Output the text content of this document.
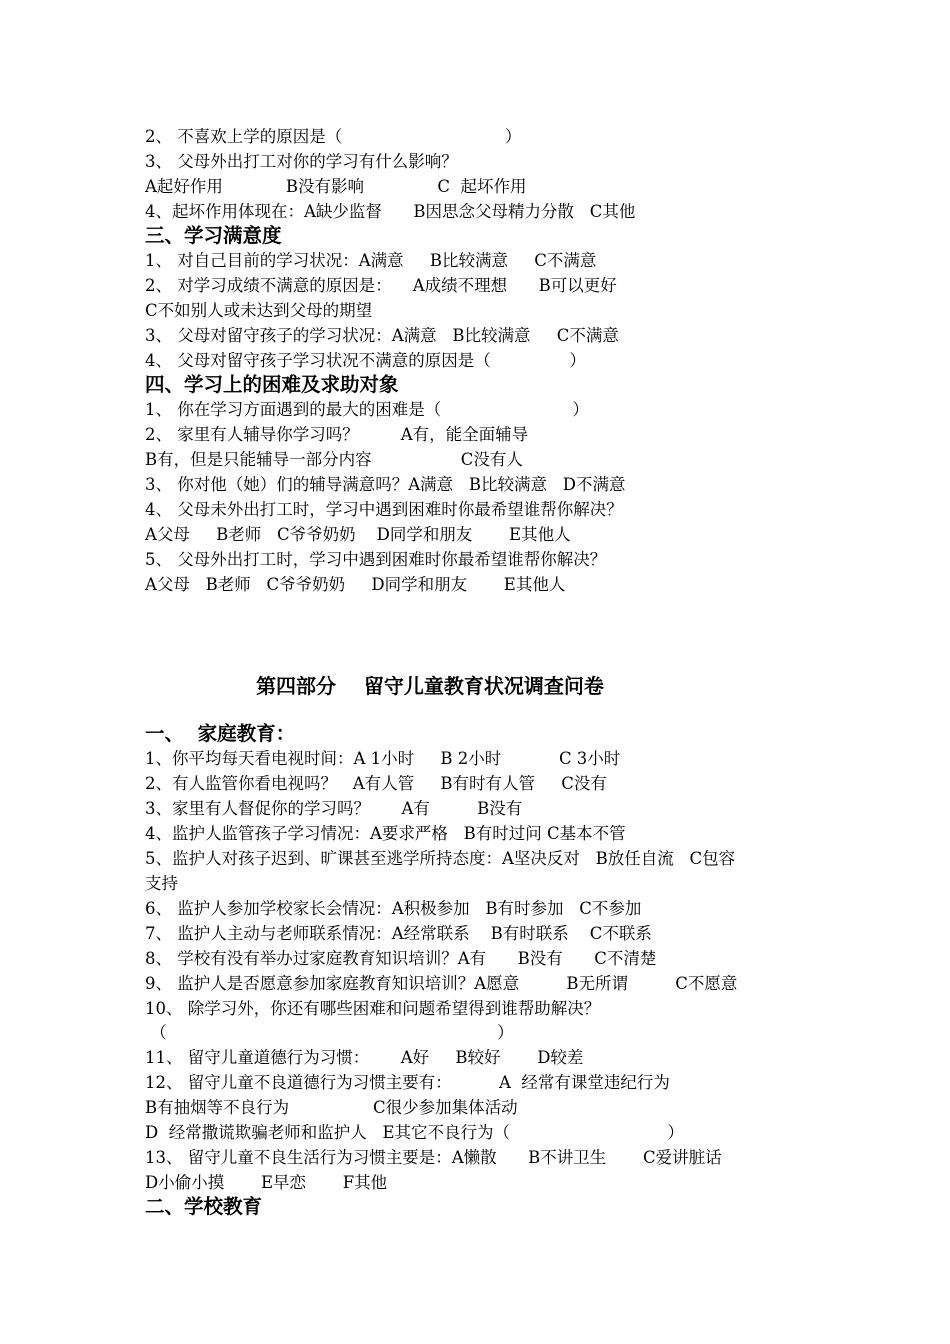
2、 不喜欢上学的原因是（                               ）
3、 父母外出打工对你的学习有什么影响？
A起好作用            B没有影响              C  起坏作用
4、起坏作用体现在：A缺少监督      B因思念父母精力分散   C其他
三、学习满意度
1、 对自己目前的学习状况：A满意     B比较满意     C不满意
2、 对学习成绩不满意的原因是：    A成绩不理想      B可以更好
C不如别人或未达到父母的期望
3、 父母对留守孩子的学习状况：A满意   B比较满意     C不满意
4、 父母对留守孩子学习状况不满意的原因是（               ）
四、学习上的困难及求助对象
1、 你在学习方面遇到的最大的困难是（                         ）
2、 家里有人辅导你学习吗？        A有，能全面辅导
B有，但是只能辅导一部分内容                 C没有人
3、 你对他（她）们的辅导满意吗？A满意   B比较满意   D不满意
4、 父母未外出打工时，学习中遇到困难时你最希望谁帮你解决？
A父母     B老师   C爷爷奶奶    D同学和朋友       E其他人
5、 父母外出打工时，学习中遇到困难时你最希望谁帮你解决？
A父母   B老师   C爷爷奶奶     D同学和朋友       E其他人
第四部分    留守儿童教育状况调查问卷
一、  家庭教育：
1、你平均每天看电视时间：A 1小时     B 2小时           C 3小时
2、有人监管你看电视吗？   A有人管     B有时有人管     C没有
3、家里有人督促你的学习吗？      A有         B没有
4、监护人监管孩子学习情况：A要求严格   B有时过问 C基本不管
5、监护人对孩子迟到、旷课甚至逃学所持态度：A坚决反对   B放任自流   C包容
支持
6、 监护人参加学校家长会情况：A积极参加   B有时参加   C不参加
7、 监护人主动与老师联系情况：A经常联系    B有时联系    C不联系
8、 学校有没有举办过家庭教育知识培训？A有      B没有      C不清楚
9、 监护人是否愿意参加家庭教育知识培训？A愿意         B无所谓         C不愿意
10、 除学习外，你还有哪些困难和问题希望得到谁帮助解决？
（                                                               ）
11、 留守儿童道德行为习惯：      A好     B较好       D较差
12、 留守儿童不良道德行为习惯主要有：         A  经常有课堂违纪行为
B有抽烟等不良行为                C很少参加集体活动
D  经常撒谎欺骗老师和监护人   E其它不良行为（                              ）
13、 留守儿童不良生活行为习惯主要是：A懒散      B不讲卫生       C爱讲脏话
D小偷小摸       E早恋       F其他
二、学校教育
